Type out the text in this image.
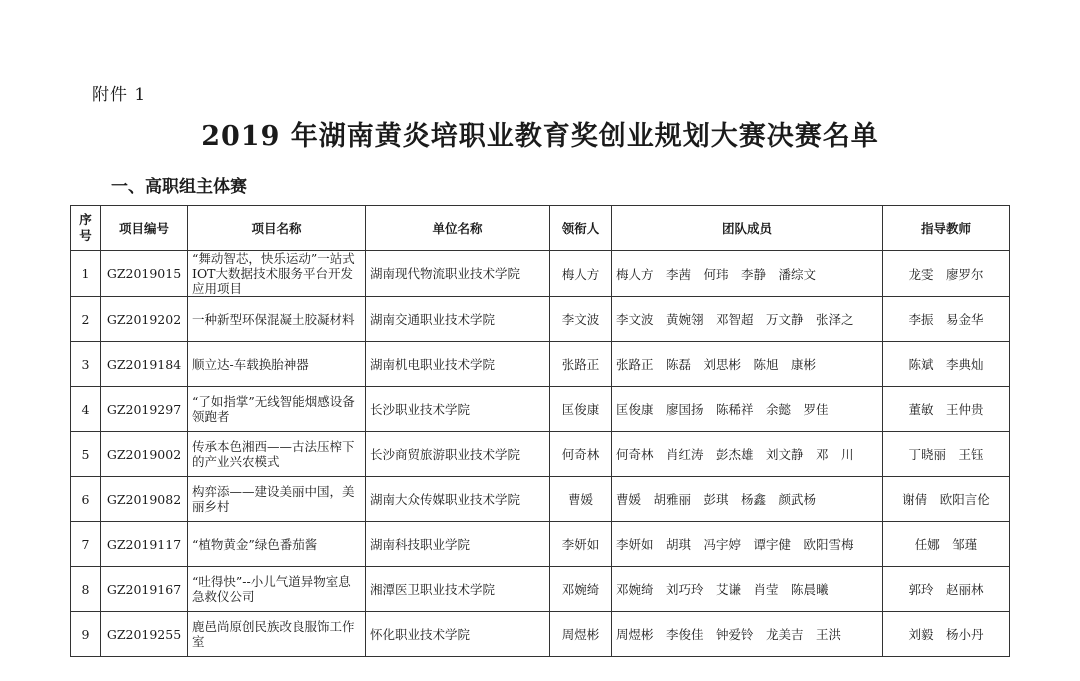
附件 1
2019 年湖南黄炎培职业教育奖创业规划大赛决赛名单
一、高职组主体赛
序号	项目编号	项目名称	单位名称	领衔人	团队成员	指导教师
1	GZ2019015	“舞动智芯，快乐运动”一站式IOT大数据技术服务平台开发应用项目	湖南现代物流职业技术学院	梅人方	梅人方　李茜　何玮　李静　潘综文	龙雯　廖罗尔
2	GZ2019202	一种新型环保混凝土胶凝材料	湖南交通职业技术学院	李文波	李文波　黄婉翎　邓智超　万文静　张泽之	李振　易金华
3	GZ2019184	顺立达-车载换胎神器	湖南机电职业技术学院	张路正	张路正　陈磊　刘思彬　陈旭　康彬	陈斌　李典灿
4	GZ2019297	“了如指掌”无线智能烟感设备领跑者	长沙职业技术学院	匡俊康	匡俊康　廖国扬　陈稀祥　余懿　罗佳	董敏　王仲贵
5	GZ2019002	传承本色湘西——古法压榨下的产业兴农模式	长沙商贸旅游职业技术学院	何奇林	何奇林　肖红涛　彭杰雄　刘文静　邓　川	丁晓丽　王钰
6	GZ2019082	构弈添——建设美丽中国，美丽乡村	湖南大众传媒职业技术学院	曹媛	曹媛　胡雅丽　彭琪　杨鑫　颜武杨	谢倩　欧阳言伦
7	GZ2019117	“植物黄金”绿色番茄酱	湖南科技职业学院	李妍如	李妍如　胡琪　冯宇婷　谭宇健　欧阳雪梅	任娜　邹瑾
8	GZ2019167	“吐得快”--小儿气道异物室息急救仪公司	湘潭医卫职业技术学院	邓婉绮	邓婉绮　刘巧玲　艾谦　肖莹　陈晨曦	郭玲　赵丽林
9	GZ2019255	鹿邑尚原创民族改良服饰工作室	怀化职业技术学院	周煜彬	周煜彬　李俊佳　钟爱铃　龙美吉　王洪	刘毅　杨小丹
